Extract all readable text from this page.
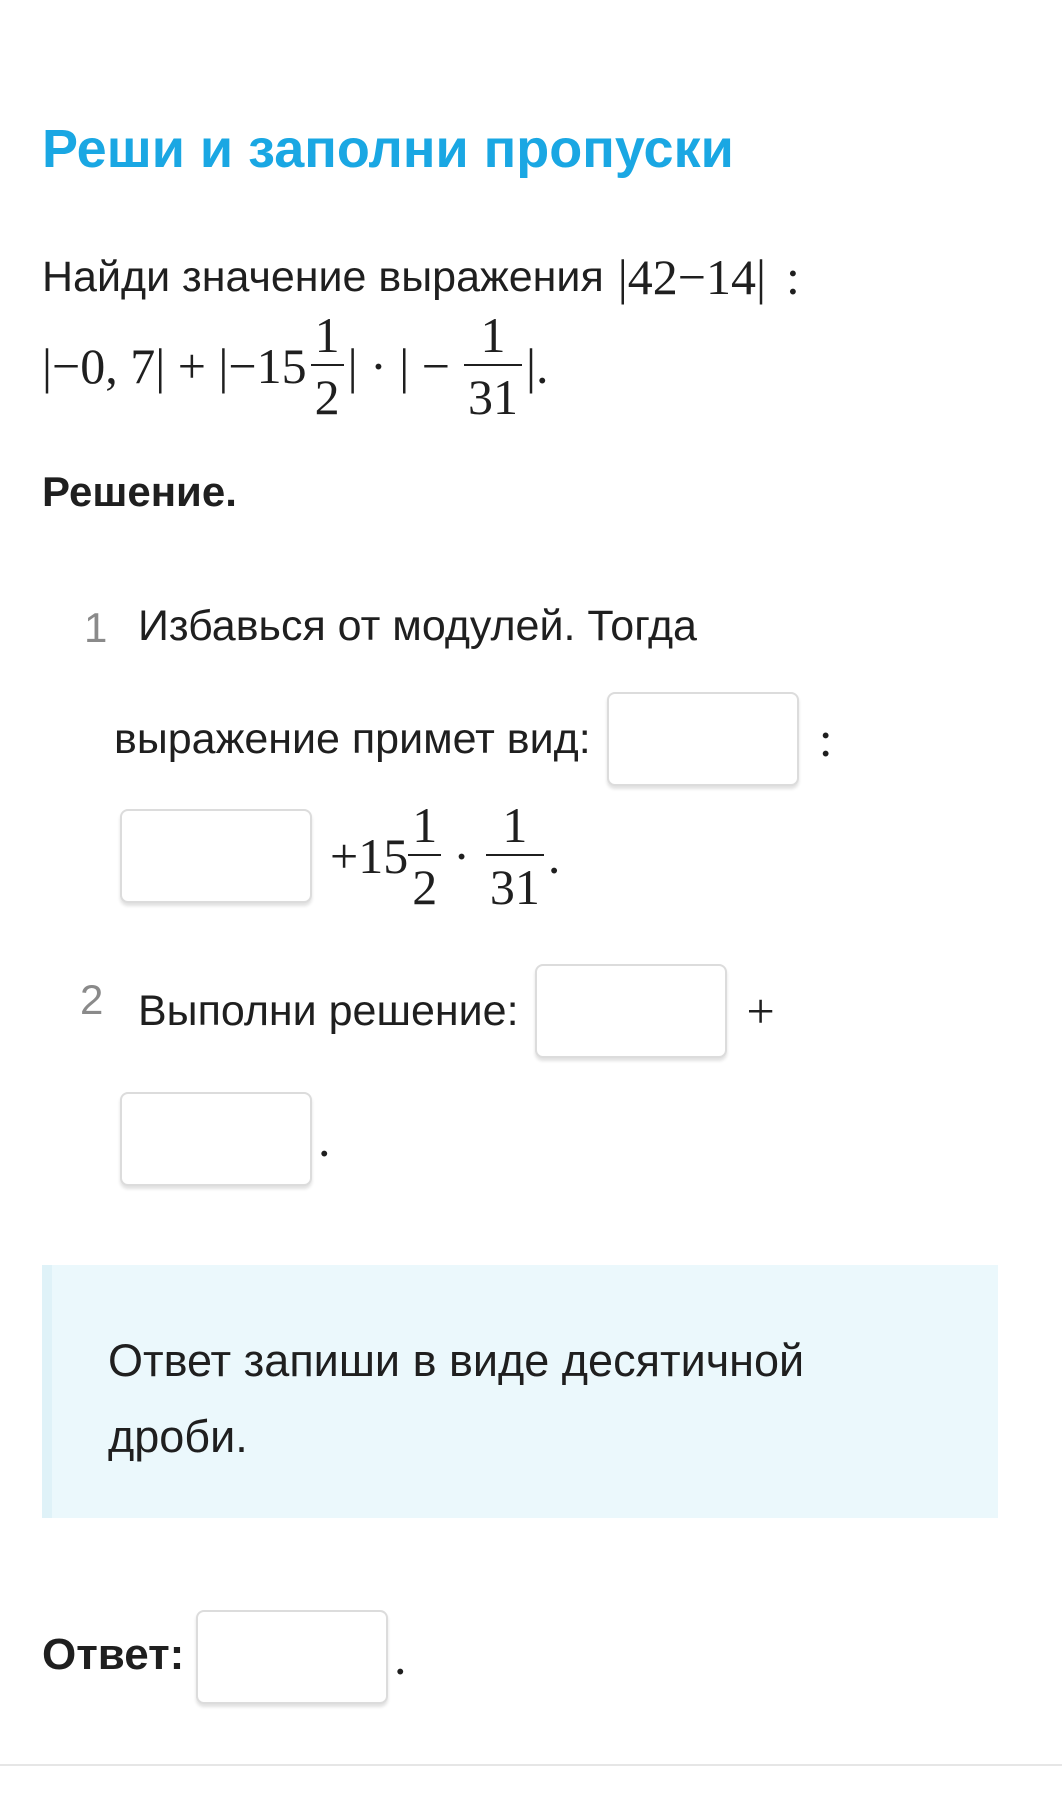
Реши и заполни пропуски
Найди значение выражения |42−14| :
|−0, $7| + |-15 \frac{1}{2}$ | · | − $\frac{1}{31}$ |.
Решение.
1 Избавься от модулей. Тогда
выражение примет вид:	:
$+15 \frac{1}{2} \cdot \frac{1}{31}$ .
2 Выполни решение:	+
.
Ответ запиши в виде десятичной дроби.
Ответ:	.
